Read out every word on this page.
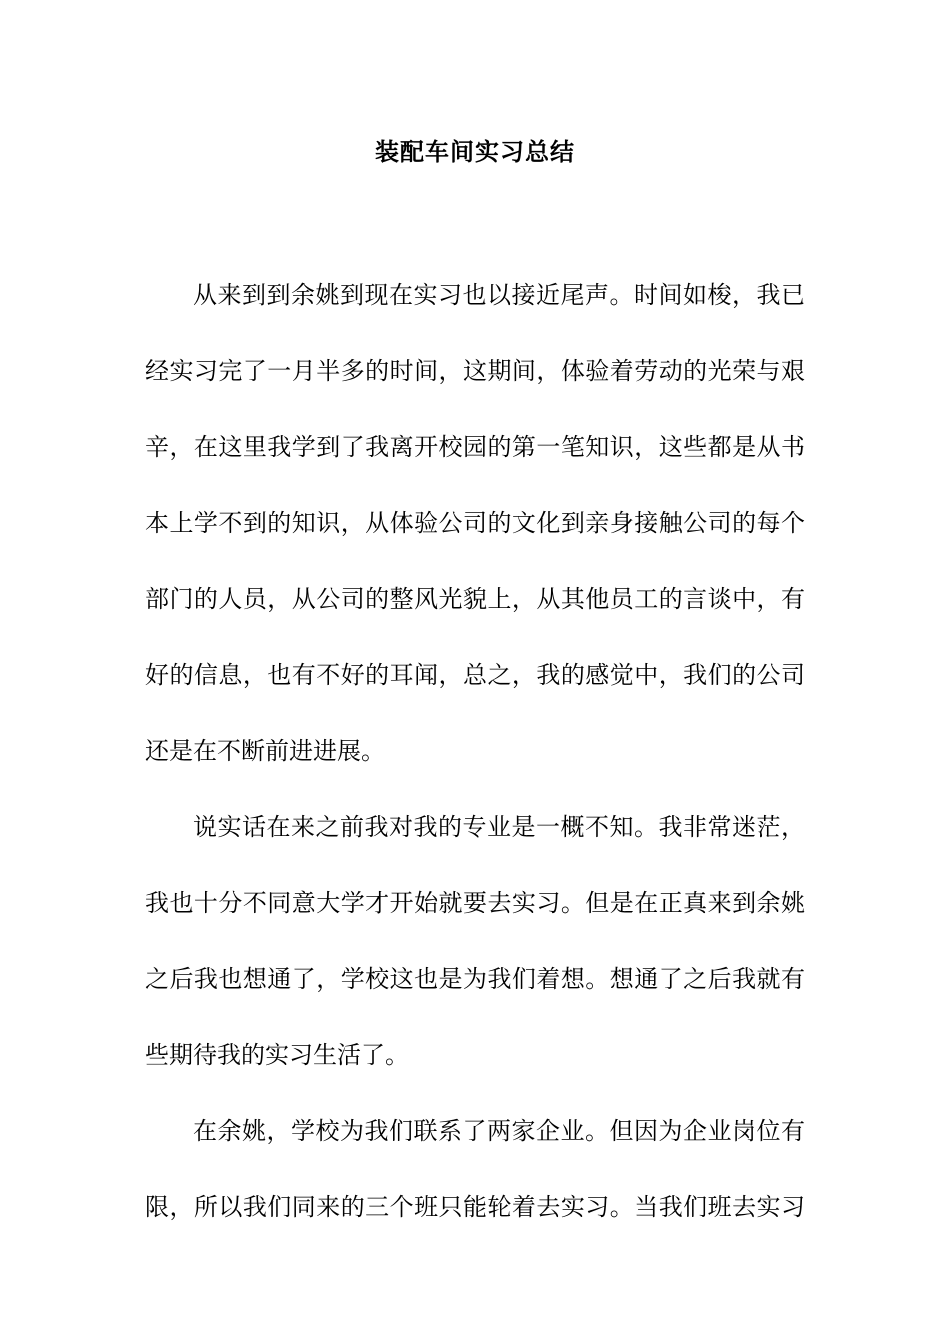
装配车间实习总结
从来到到余姚到现在实习也以接近尾声。时间如梭，我已
经实习完了一月半多的时间，这期间，体验着劳动的光荣与艰
辛，在这里我学到了我离开校园的第一笔知识，这些都是从书
本上学不到的知识，从体验公司的文化到亲身接触公司的每个
部门的人员，从公司的整风光貌上，从其他员工的言谈中，有
好的信息，也有不好的耳闻，总之，我的感觉中，我们的公司
还是在不断前进进展。
说实话在来之前我对我的专业是一概不知。我非常迷茫，
我也十分不同意大学才开始就要去实习。但是在正真来到余姚
之后我也想通了，学校这也是为我们着想。想通了之后我就有
些期待我的实习生活了。
在余姚，学校为我们联系了两家企业。但因为企业岗位有
限，所以我们同来的三个班只能轮着去实习。当我们班去实习
